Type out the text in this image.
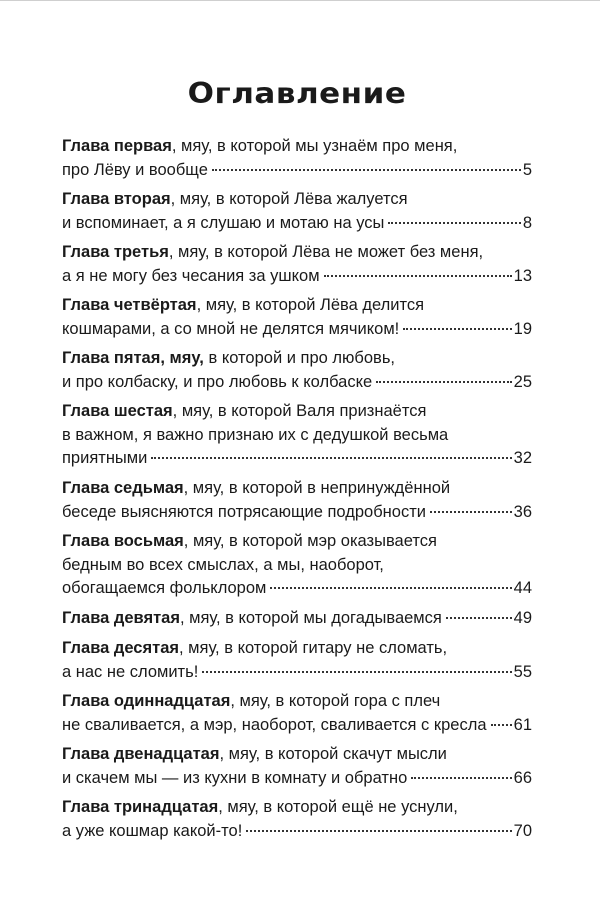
Оглавление
Глава первая, мяу, в которой мы узнаём про меня,
про Лёву и вообще	5
Глава вторая, мяу, в которой Лёва жалуется
и вспоминает, а я слушаю и мотаю на усы	8
Глава третья, мяу, в которой Лёва не может без меня,
а я не могу без чесания за ушком	13
Глава четвёртая, мяу, в которой Лёва делится
кошмарами, а со мной не делятся мячиком!	19
Глава пятая, мяу, в которой и про любовь,
и про колбаску, и про любовь к колбаске	25
Глава шестая, мяу, в которой Валя признаётся
в важном, я важно признаю их с дедушкой весьма
приятными	32
Глава седьмая, мяу, в которой в непринуждённой
беседе выясняются потрясающие подробности	36
Глава восьмая, мяу, в которой мэр оказывается
бедным во всех смыслах, а мы, наоборот,
обогащаемся фольклором	44
Глава девятая, мяу, в которой мы догадываемся	49
Глава десятая, мяу, в которой гитару не сломать,
а нас не сломить!	55
Глава одиннадцатая, мяу, в которой гора с плеч
не сваливается, а мэр, наоборот, сваливается с кресла 61
Глава двенадцатая, мяу, в которой скачут мысли
и скачем мы — из кухни в комнату и обратно	66
Глава тринадцатая, мяу, в которой ещё не уснули,
а уже кошмар какой-то!	70
